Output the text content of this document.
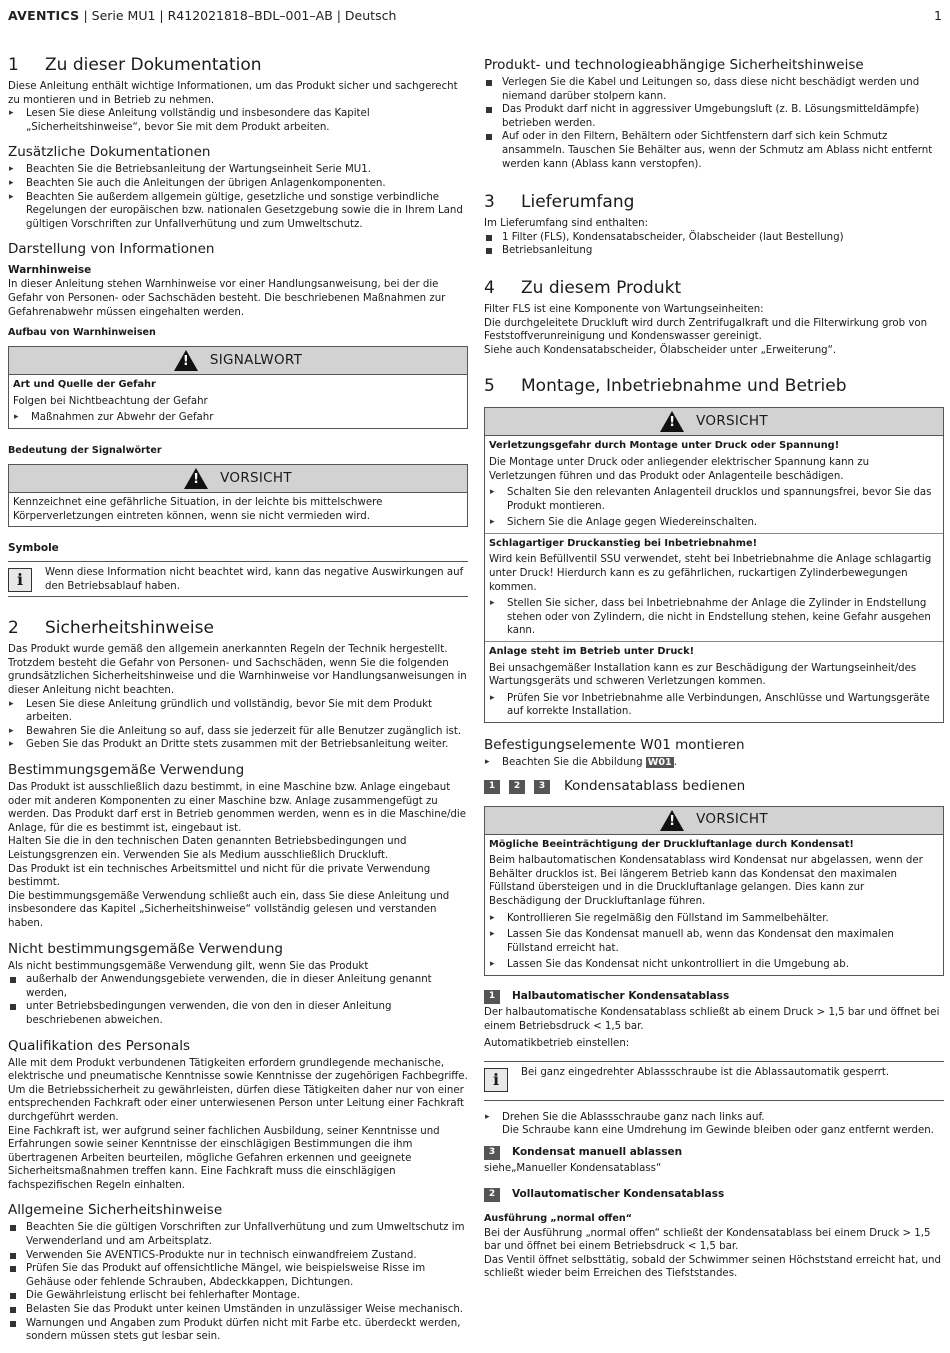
AVENTICS | Serie MU1 | R412021818–BDL–001–AB | Deutsch	1
1	Zu dieser Dokumentation

Diese Anleitung enthält wichtige Informationen, um das Produkt sicher und sachgerecht zu montieren und in Betrieb zu nehmen.

▸ Lesen Sie diese Anleitung vollständig und insbesondere das Kapitel „Sicherheitshinweise“, bevor Sie mit dem Produkt arbeiten.
Zusätzliche Dokumentationen
▸ Beachten Sie die Betriebsanleitung der Wartungseinheit Serie MU1.
▸ Beachten Sie auch die Anleitungen der übrigen Anlagenkomponenten.
▸ Beachten Sie außerdem allgemein gültige, gesetzliche und sonstige verbindliche Regelungen der europäischen bzw. nationalen Gesetzgebung sowie die in Ihrem Land gültigen Vorschriften zur Unfallverhütung und zum Umweltschutz.
Darstellung von Informationen
Warnhinweise

In dieser Anleitung stehen Warnhinweise vor einer Handlungsanweisung, bei der die Gefahr von Personen- oder Sachschäden besteht. Die beschriebenen Maßnahmen zur Gefahrenabwehr müssen eingehalten werden.

Aufbau von Warnhinweisen
!
SIGNALWORT
Art und Quelle der Gefahr

Folgen bei Nichtbeachtung der Gefahr

▸ Maßnahmen zur Abwehr der Gefahr
Bedeutung der Signalwörter
!
VORSICHT

Kennzeichnet eine gefährliche Situation, in der leichte bis mittelschwere Körperverletzungen eintreten können, wenn sie nicht vermieden wird.

Symbole
i	Wenn diese Information nicht beachtet wird, kann das negative Auswirkungen auf den Betriebsablauf haben.

2	Sicherheitshinweise

Das Produkt wurde gemäß den allgemein anerkannten Regeln der Technik hergestellt. Trotzdem besteht die Gefahr von Personen- und Sachschäden, wenn Sie die folgenden grundsätzlichen Sicherheitshinweise und die Warnhinweise vor Handlungsanweisungen in dieser Anleitung nicht beachten.

▸ Lesen Sie diese Anleitung gründlich und vollständig, bevor Sie mit dem Produkt arbeiten.
▸ Bewahren Sie die Anleitung so auf, dass sie jederzeit für alle Benutzer zugänglich ist.
▸ Geben Sie das Produkt an Dritte stets zusammen mit der Betriebsanleitung weiter.
Bestimmungsgemäße Verwendung

Das Produkt ist ausschließlich dazu bestimmt, in eine Maschine bzw. Anlage eingebaut oder mit anderen Komponenten zu einer Maschine bzw. Anlage zusammengefügt zu werden. Das Produkt darf erst in Betrieb genommen werden, wenn es in die Maschine/die Anlage, für die es bestimmt ist, eingebaut ist.

Halten Sie die in den technischen Daten genannten Betriebsbedingungen und Leistungsgrenzen ein. Verwenden Sie als Medium ausschließlich Druckluft.

Das Produkt ist ein technisches Arbeitsmittel und nicht für die private Verwendung bestimmt.

Die bestimmungsgemäße Verwendung schließt auch ein, dass Sie diese Anleitung und insbesondere das Kapitel „Sicherheitshinweise“ vollständig gelesen und verstanden haben.

Nicht bestimmungsgemäße Verwendung

Als nicht bestimmungsgemäße Verwendung gilt, wenn Sie das Produkt

außerhalb der Anwendungsgebiete verwenden, die in dieser Anleitung genannt werden,
unter Betriebsbedingungen verwenden, die von den in dieser Anleitung beschriebenen abweichen.
Qualifikation des Personals

Alle mit dem Produkt verbundenen Tätigkeiten erfordern grundlegende mechanische, elektrische und pneumatische Kenntnisse sowie Kenntnisse der zugehörigen Fachbegriffe. Um die Betriebssicherheit zu gewährleisten, dürfen diese Tätigkeiten daher nur von einer entsprechenden Fachkraft oder einer unterwiesenen Person unter Leitung einer Fachkraft durchgeführt werden.

Eine Fachkraft ist, wer aufgrund seiner fachlichen Ausbildung, seiner Kenntnisse und Erfahrungen sowie seiner Kenntnisse der einschlägigen Bestimmungen die ihm übertragenen Arbeiten beurteilen, mögliche Gefahren erkennen und geeignete Sicherheitsmaßnahmen treffen kann. Eine Fachkraft muss die einschlägigen fachspezifischen Regeln einhalten.

Allgemeine Sicherheitshinweise
Beachten Sie die gültigen Vorschriften zur Unfallverhütung und zum Umweltschutz im Verwenderland und am Arbeitsplatz.
Verwenden Sie AVENTICS-Produkte nur in technisch einwandfreiem Zustand.
Prüfen Sie das Produkt auf offensichtliche Mängel, wie beispielsweise Risse im Gehäuse oder fehlende Schrauben, Abdeckkappen, Dichtungen.
Die Gewährleistung erlischt bei fehlerhafter Montage.
Belasten Sie das Produkt unter keinen Umständen in unzulässiger Weise mechanisch.
Warnungen und Angaben zum Produkt dürfen nicht mit Farbe etc. überdeckt werden, sondern müssen stets gut lesbar sein.
Produkt- und technologieabhängige Sicherheitshinweise
Verlegen Sie die Kabel und Leitungen so, dass diese nicht beschädigt werden und niemand darüber stolpern kann.
Das Produkt darf nicht in aggressiver Umgebungsluft (z. B. Lösungsmitteldämpfe) betrieben werden.
Auf oder in den Filtern, Behältern oder Sichtfenstern darf sich kein Schmutz ansammeln. Tauschen Sie Behälter aus, wenn der Schmutz am Ablass nicht entfernt werden kann (Ablass kann verstopfen).
3	Lieferumfang

Im Lieferumfang sind enthalten:

1 Filter (FLS), Kondensatabscheider, Ölabscheider (laut Bestellung)
Betriebsanleitung
4	Zu diesem Produkt

Filter FLS ist eine Komponente von Wartungseinheiten:

Die durchgeleitete Druckluft wird durch Zentrifugalkraft und die Filterwirkung grob von Feststoffverunreinigung und Kondenswasser gereinigt.

Siehe auch Kondensatabscheider, Ölabscheider unter „Erweiterung“.

5	Montage, Inbetriebnahme und Betrieb
!
VORSICHT
Verletzungsgefahr durch Montage unter Druck oder Spannung!

Die Montage unter Druck oder anliegender elektrischer Spannung kann zu Verletzungen führen und das Produkt oder Anlagenteile beschädigen.

▸ Schalten Sie den relevanten Anlagenteil drucklos und spannungsfrei, bevor Sie das Produkt montieren.
▸ Sichern Sie die Anlage gegen Wiedereinschalten.
Schlagartiger Druckanstieg bei Inbetriebnahme!

Wird kein Befüllventil SSU verwendet, steht bei Inbetriebnahme die Anlage schlagartig unter Druck! Hierdurch kann es zu gefährlichen, ruckartigen Zylinderbewegungen kommen.

▸ Stellen Sie sicher, dass bei Inbetriebnahme der Anlage die Zylinder in Endstellung stehen oder von Zylindern, die nicht in Endstellung stehen, keine Gefahr ausgehen kann.
Anlage steht im Betrieb unter Druck!

Bei unsachgemäßer Installation kann es zur Beschädigung der Wartungseinheit/des Wartungsgeräts und schweren Verletzungen kommen.

▸ Prüfen Sie vor Inbetriebnahme alle Verbindungen, Anschlüsse und Wartungsgeräte auf korrekte Installation.
Befestigungselemente W01 montieren
▸ Beachten Sie die Abbildung W01 .
1	2	3	Kondensatablass bedienen
!
VORSICHT
Mögliche Beeinträchtigung der Druckluftanlage durch Kondensat!

Beim halbautomatischen Kondensatablass wird Kondensat nur abgelassen, wenn der Behälter drucklos ist. Bei längerem Betrieb kann das Kondensat den maximalen Füllstand übersteigen und in die Druckluftanlage gelangen. Dies kann zur Beschädigung der Druckluftanlage führen.

▸ Kontrollieren Sie regelmäßig den Füllstand im Sammelbehälter.
▸ Lassen Sie das Kondensat manuell ab, wenn das Kondensat den maximalen Füllstand erreicht hat.
▸ Lassen Sie das Kondensat nicht unkontrolliert in die Umgebung ab.
1	Halbautomatischer Kondensatablass

Der halbautomatische Kondensatablass schließt ab einem Druck > 1,5 bar und öffnet bei einem Betriebsdruck < 1,5 bar.

Automatikbetrieb einstellen:

i	Bei ganz eingedrehter Ablassschraube ist die Ablassautomatik gesperrt.

▸ Drehen Sie die Ablassschraube ganz nach links auf.
Die Schraube kann eine Umdrehung im Gewinde bleiben oder ganz entfernt werden.
3	Kondensat manuell ablassen

siehe„Manueller Kondensatablass“

2	Vollautomatischer Kondensatablass
Ausführung „normal offen“

Bei der Ausführung „normal offen“ schließt der Kondensatablass bei einem Druck > 1,5 bar und öffnet bei einem Betriebsdruck < 1,5 bar.

Das Ventil öffnet selbsttätig, sobald der Schwimmer seinen Höchststand erreicht hat, und schließt wieder beim Erreichen des Tiefststandes.
